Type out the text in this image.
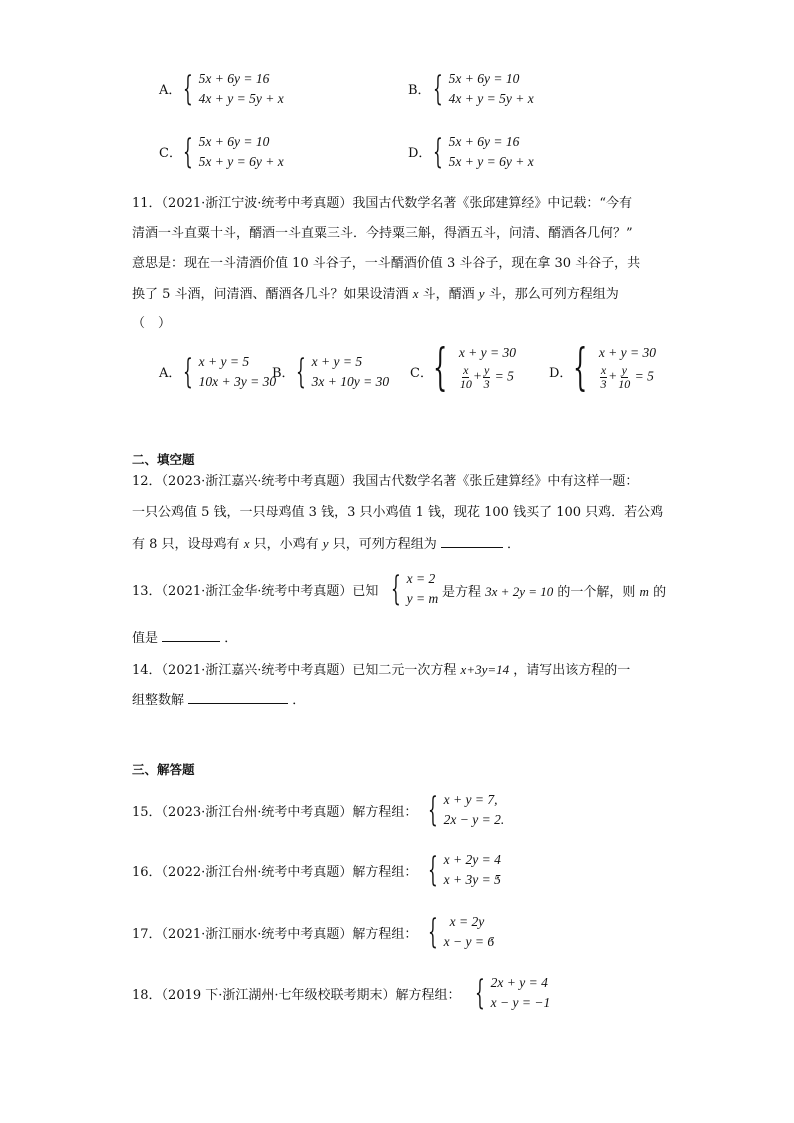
A． { 5x + 6y = 16
4x + y = 5y + x
B． { 5x + 6y = 10
4x + y = 5y + x
C． { 5x + 6y = 10
5x + y = 6y + x
D． { 5x + 6y = 16
5x + y = 6y + x
11．（2021·浙江宁波·统考中考真题）我国古代数学名著《张邱建算经》中记载：“今有
清酒一斗直粟十斗，醑酒一斗直粟三斗．今持粟三斛，得酒五斗，问清、醑酒各几何？”
意思是：现在一斗清酒价值 10 斗谷子，一斗醑酒价值 3 斗谷子，现在拿 30 斗谷子，共
换了 5 斗酒，问清酒、醑酒各几斗？如果设清酒 x 斗，醑酒 y 斗，那么可列方程组为
（　）
A． { x + y = 5
10x + 3y = 30
B． { x + y = 5
3x + 10y = 30
C． { x + y = 30
$\frac{x}{10} + \frac{y}{3} = 5$	D． { x + y = 30
$\frac{x}{3} + \frac{y}{10} = 5$
二、填空题
12．（2023·浙江嘉兴·统考中考真题）我国古代数学名著《张丘建算经》中有这样一题：
一只公鸡值 5 钱，一只母鸡值 3 钱，3 只小鸡值 1 钱，现花 100 钱买了 100 只鸡．若公鸡
有 8 只，设母鸡有 x 只，小鸡有 y 只，可列方程组为	．
13．（2021·浙江金华·统考中考真题）已知 { x = 2
y = m 是方程 3x + 2y = 10 的一个解，则 m 的
值是	．
14．（2021·浙江嘉兴·统考中考真题）已知二元一次方程 x+3y=14 ，请写出该方程的一
组整数解	．
三、解答题
15．（2023·浙江台州·统考中考真题）解方程组： { x + y = 7,
2x − y = 2.
16．（2022·浙江台州·统考中考真题）解方程组： { x + 2y = 4
x + 3y = 5
．
17．（2021·浙江丽水·统考中考真题）解方程组： { x = 2y
x − y = 6
．
18．（2019 下·浙江湖州·七年级校联考期末）解方程组： { 2x + y = 4
x − y = −1
